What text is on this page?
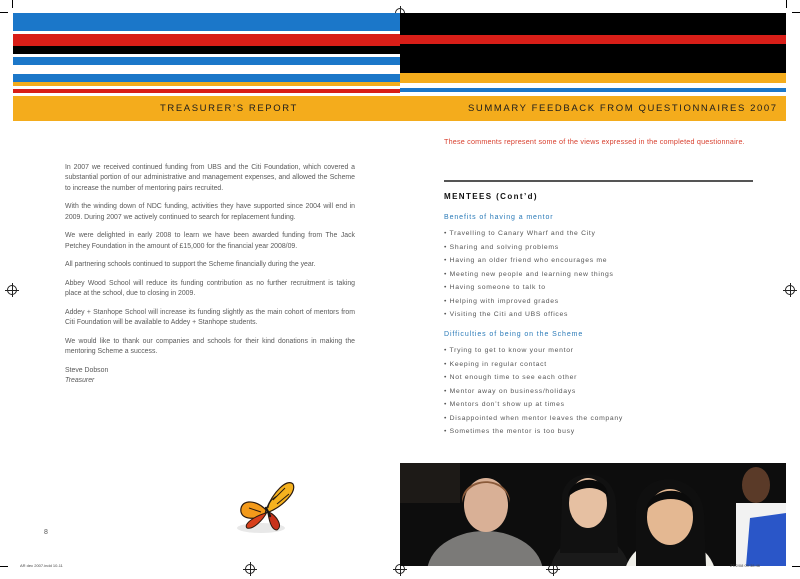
TREASURER’S REPORT	SUMMARY FEEDBACK FROM QUESTIONNAIRES 2007

In 2007 we received continued funding from UBS and the Citi Foundation, which covered a substantial portion of our administrative and management expenses, and allowed the Scheme to increase the number of mentoring pairs recruited.

With the winding down of NDC funding, activities they have supported since 2004 will end in 2009. During 2007 we actively continued to search for replacement funding.

We were delighted in early 2008 to learn we have been awarded funding from The Jack Petchey Foundation in the amount of £15,000 for the financial year 2008/09.

All partnering schools continued to support the Scheme financially during the year.

Abbey Wood School will reduce its funding contribution as no further recruitment is taking place at the school, due to closing in 2009.

Addey + Stanhope School will increase its funding slightly as the main cohort of mentors from Citi Foundation will be available to Addey + Stanhope students.

We would like to thank our companies and schools for their kind donations in making the mentoring Scheme a success.

Steve Dobson
Treasurer
8
AR dec 2007.indd 10-11
These comments represent some of the views expressed in the completed questionnaire.
MENTEES (Cont’d)
Benefits of having a mentor
• Travelling to Canary Wharf and the City
• Sharing and solving problems
• Having an older friend who encourages me
• Meeting new people and learning new things
• Having someone to talk to
• Helping with improved grades
• Visiting the Citi and UBS offices
Difficulties of being on the Scheme
• Trying to get to know your mentor
• Keeping in regular contact
• Not enough time to see each other
• Mentor away on business/holidays
• Mentors don’t show up at times
• Disappointed when mentor leaves the company
• Sometimes the mentor is too busy
27/2/08 09:38:46
